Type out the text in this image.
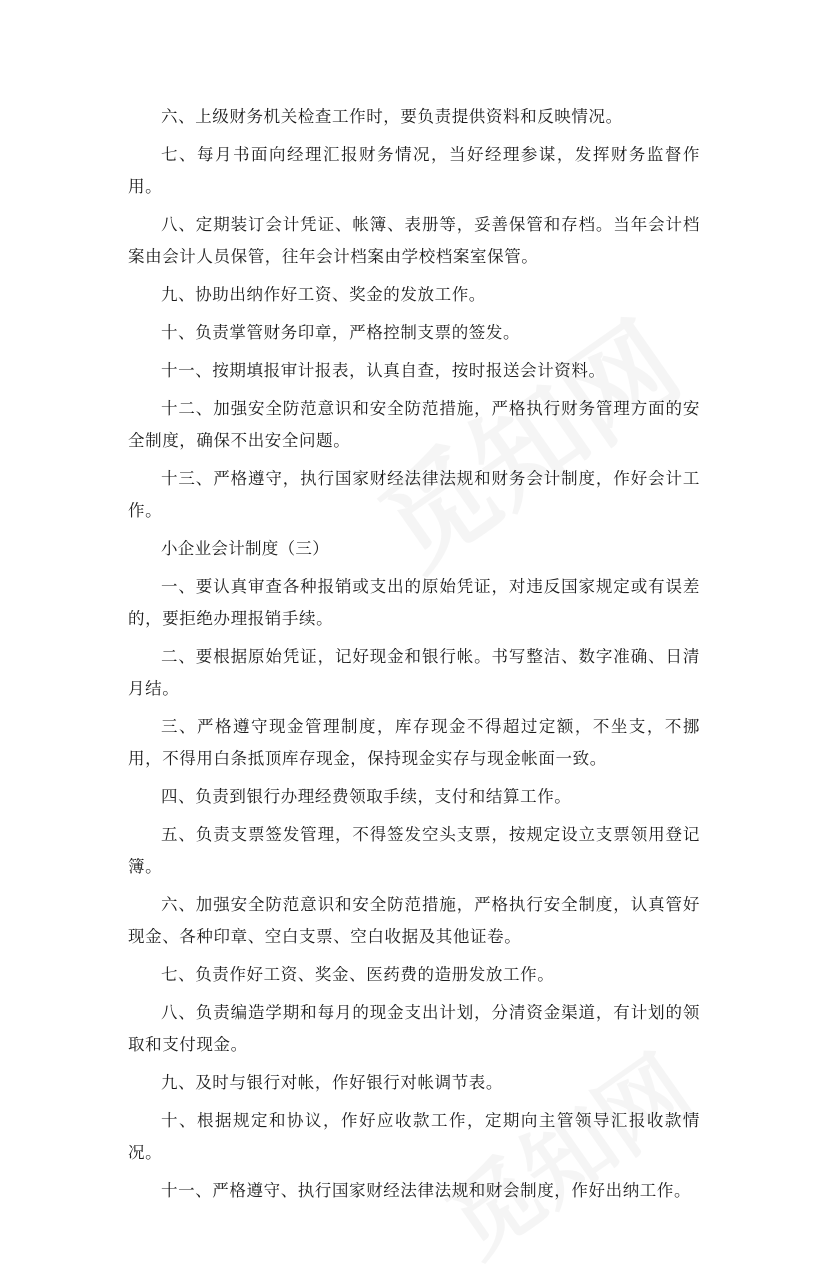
六、上级财务机关检查工作时，要负责提供资料和反映情况。

七、每月书面向经理汇报财务情况，当好经理参谋，发挥财务监督作用。

八、定期装订会计凭证、帐簿、表册等，妥善保管和存档。当年会计档案由会计人员保管，往年会计档案由学校档案室保管。

九、协助出纳作好工资、奖金的发放工作。

十、负责掌管财务印章，严格控制支票的签发。

十一、按期填报审计报表，认真自查，按时报送会计资料。

十二、加强安全防范意识和安全防范措施，严格执行财务管理方面的安全制度，确保不出安全问题。

十三、严格遵守，执行国家财经法律法规和财务会计制度，作好会计工作。

小企业会计制度（三）

一、要认真审查各种报销或支出的原始凭证，对违反国家规定或有误差的，要拒绝办理报销手续。

二、要根据原始凭证，记好现金和银行帐。书写整洁、数字准确、日清月结。

三、严格遵守现金管理制度，库存现金不得超过定额，不坐支，不挪用，不得用白条抵顶库存现金，保持现金实存与现金帐面一致。

四、负责到银行办理经费领取手续，支付和结算工作。

五、负责支票签发管理，不得签发空头支票，按规定设立支票领用登记簿。

六、加强安全防范意识和安全防范措施，严格执行安全制度，认真管好现金、各种印章、空白支票、空白收据及其他证卷。

七、负责作好工资、奖金、医药费的造册发放工作。

八、负责编造学期和每月的现金支出计划，分清资金渠道，有计划的领取和支付现金。

九、及时与银行对帐，作好银行对帐调节表。

十、根据规定和协议，作好应收款工作，定期向主管领导汇报收款情况。

十一、严格遵守、执行国家财经法律法规和财会制度，作好出纳工作。
